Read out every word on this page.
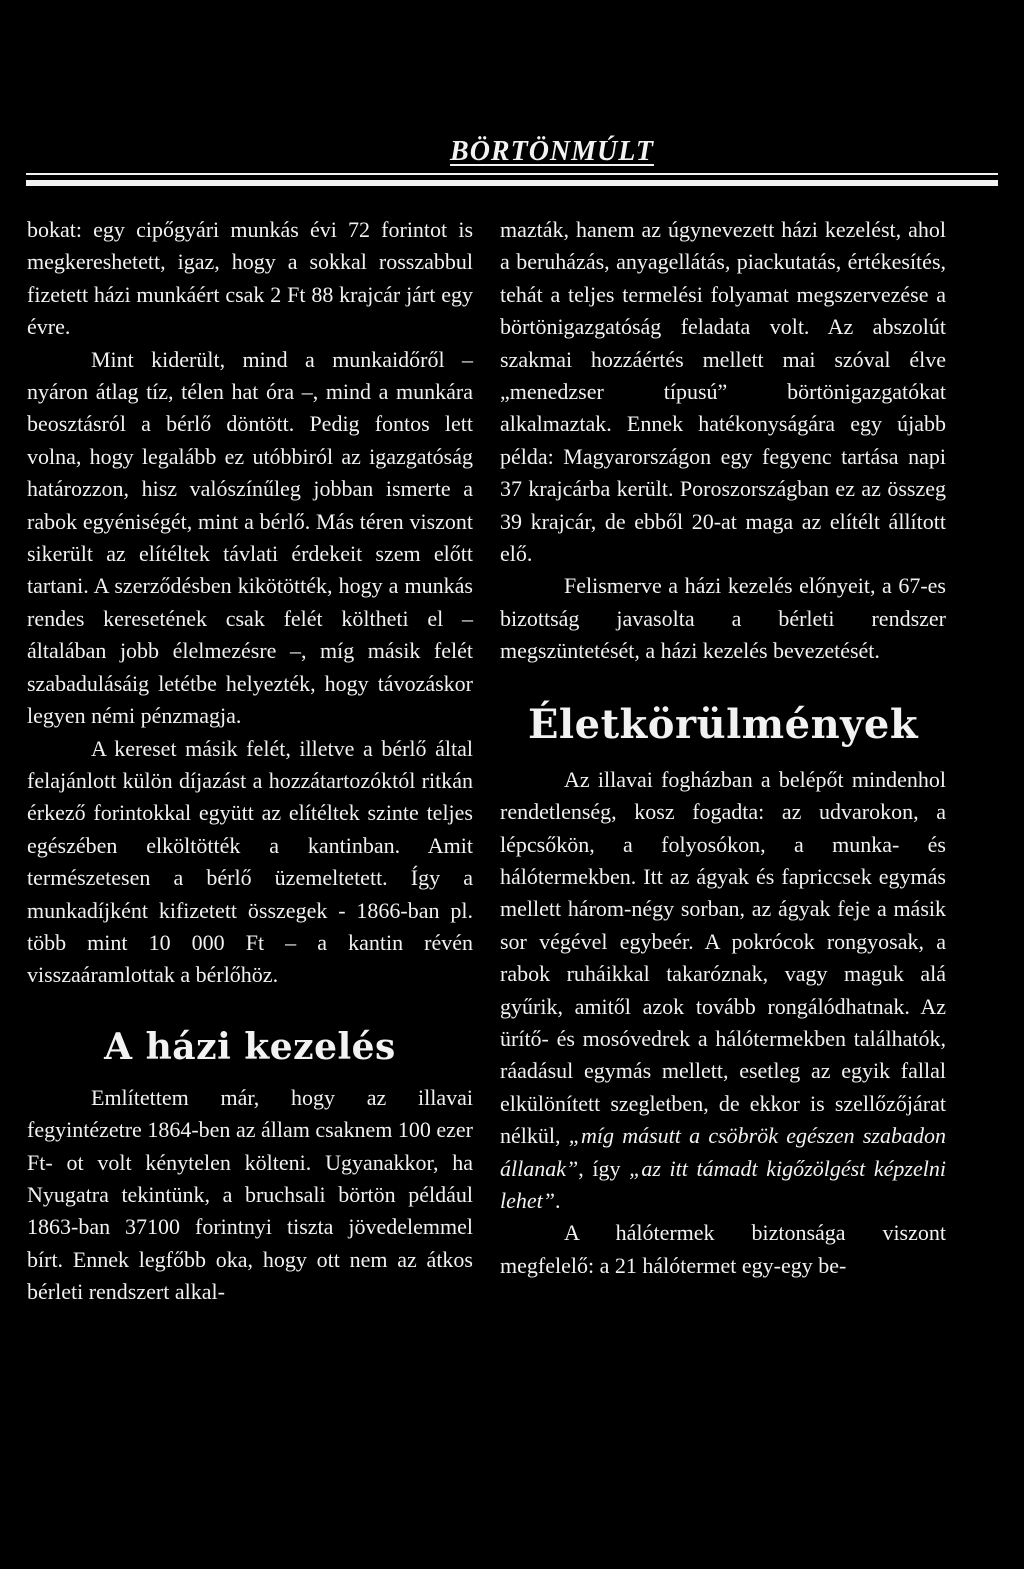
BÖRTÖNMÚLT

bokat: egy cipőgyári munkás évi 72 forintot is megkereshetett, igaz, hogy a sokkal rosszabbul fizetett házi munkáért csak 2 Ft 88 krajcár járt egy évre.

Mint kiderült, mind a munkaidőről – nyáron átlag tíz, télen hat óra –, mind a munkára beosztásról a bérlő döntött. Pedig fontos lett volna, hogy legalább ez utóbbiról az igazgatóság határozzon, hisz valószínűleg jobban ismerte a rabok egyéniségét, mint a bérlő. Más téren viszont sikerült az elítéltek távlati érdekeit szem előtt tartani. A szerződésben kikötötték, hogy a munkás rendes keresetének csak felét költheti el – általában jobb élelmezésre –, míg másik felét szabadulásáig letétbe helyezték, hogy távozáskor legyen némi pénzmagja.

A kereset másik felét, illetve a bérlő által felajánlott külön díjazást a hozzátartozóktól ritkán érkező forintokkal együtt az elítéltek szinte teljes egészében elköltötték a kantinban. Amit természetesen a bérlő üzemeltetett. Így a munkadíjként kifizetett összegek - 1866-ban pl. több mint 10 000 Ft – a kantin révén visszaáramlottak a bérlőhöz.

A házi kezelés

Említettem már, hogy az illavai fegyintézetre 1864-ben az állam csaknem 100 ezer Ft- ot volt kénytelen költeni. Ugyanakkor, ha Nyugatra tekintünk, a bruchsali börtön például 1863-ban 37100 forintnyi tiszta jövedelemmel bírt. Ennek legfőbb oka, hogy ott nem az átkos bérleti rendszert alkal-

mazták, hanem az úgynevezett házi kezelést, ahol a beruházás, anyagellátás, piackutatás, értékesítés, tehát a teljes termelési folyamat megszervezése a börtönigazgatóság feladata volt. Az abszolút szakmai hozzáértés mellett mai szóval élve „menedzser típusú” börtönigazgatókat alkalmaztak. Ennek hatékonyságára egy újabb példa: Magyarországon egy fegyenc tartása napi 37 krajcárba került. Poroszországban ez az összeg 39 krajcár, de ebből 20-at maga az elítélt állított elő.

Felismerve a házi kezelés előnyeit, a 67-es bizottság javasolta a bérleti rendszer megszüntetését, a házi kezelés bevezetését.

Életkörülmények

Az illavai fogházban a belépőt mindenhol rendetlenség, kosz fogadta: az udvarokon, a lépcsőkön, a folyosókon, a munka- és hálótermekben. Itt az ágyak és fapriccsek egymás mellett három-négy sorban, az ágyak feje a másik sor végével egybeér. A pokrócok rongyosak, a rabok ruháikkal takaróznak, vagy maguk alá gyűrik, amitől azok tovább rongálódhatnak. Az ürítő- és mosóvedrek a hálótermekben találhatók, ráadásul egymás mellett, esetleg az egyik fallal elkülönített szegletben, de ekkor is szellőzőjárat nélkül, „míg másutt a csöbrök egészen szabadon állanak”, így „az itt támadt kigőzölgést képzelni lehet”.

A hálótermek biztonsága viszont megfelelő: a 21 hálótermet egy-egy be-
